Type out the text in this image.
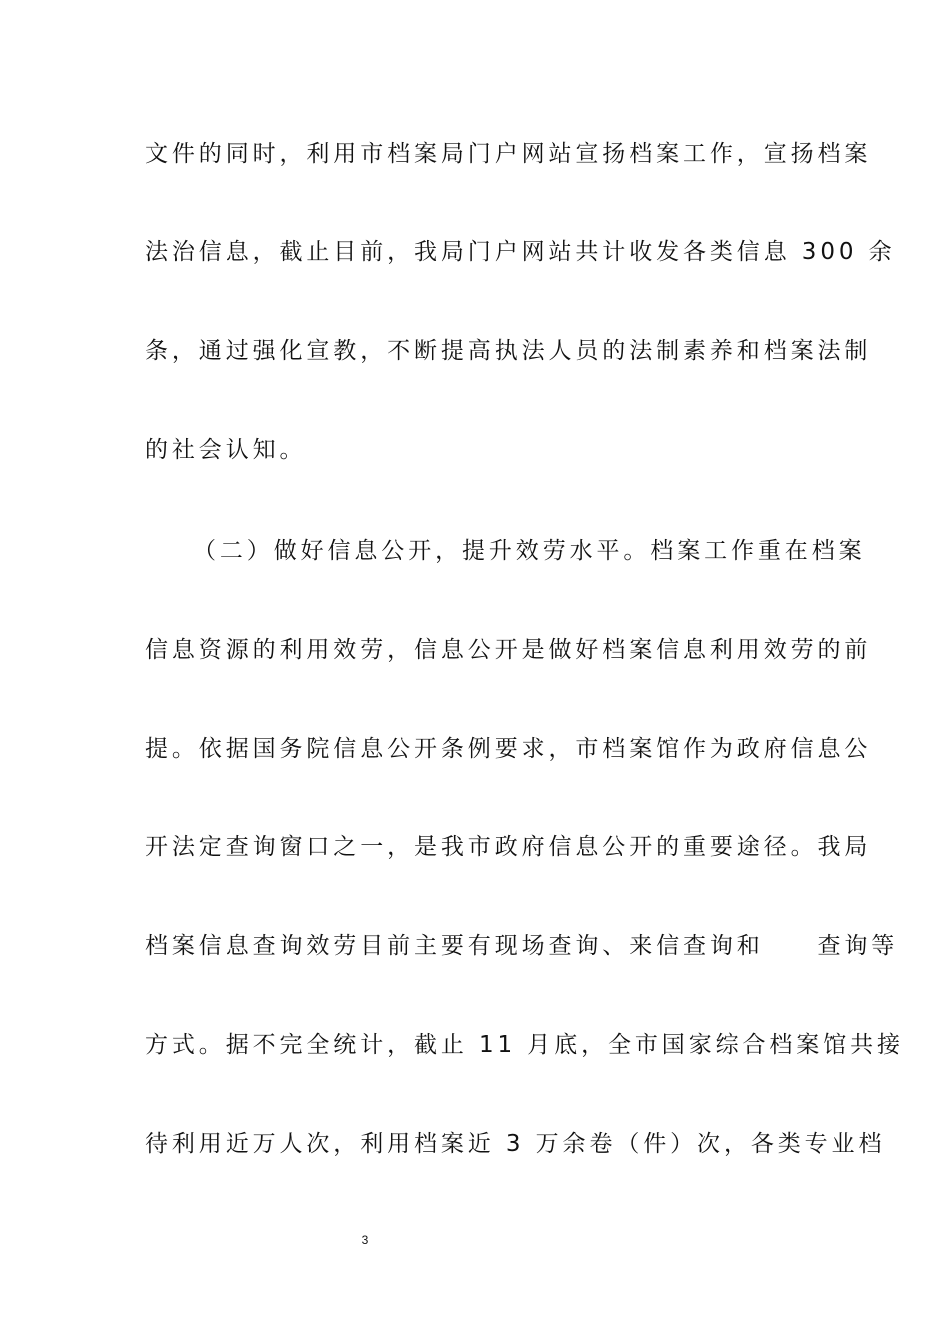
文件的同时，利用市档案局门户网站宣扬档案工作，宣扬档案
法治信息，截止目前，我局门户网站共计收发各类信息 300 余
条，通过强化宣教，不断提高执法人员的法制素养和档案法制
的社会认知。
（二）做好信息公开，提升效劳水平。档案工作重在档案
信息资源的利用效劳，信息公开是做好档案信息利用效劳的前
提。依据国务院信息公开条例要求，市档案馆作为政府信息公
开法定查询窗口之一，是我市政府信息公开的重要途径。我局
档案信息查询效劳目前主要有现场查询、来信查询和　　查询等
方式。据不完全统计，截止 11 月底，全市国家综合档案馆共接
待利用近万人次，利用档案近 3 万余卷（件）次，各类专业档
3
